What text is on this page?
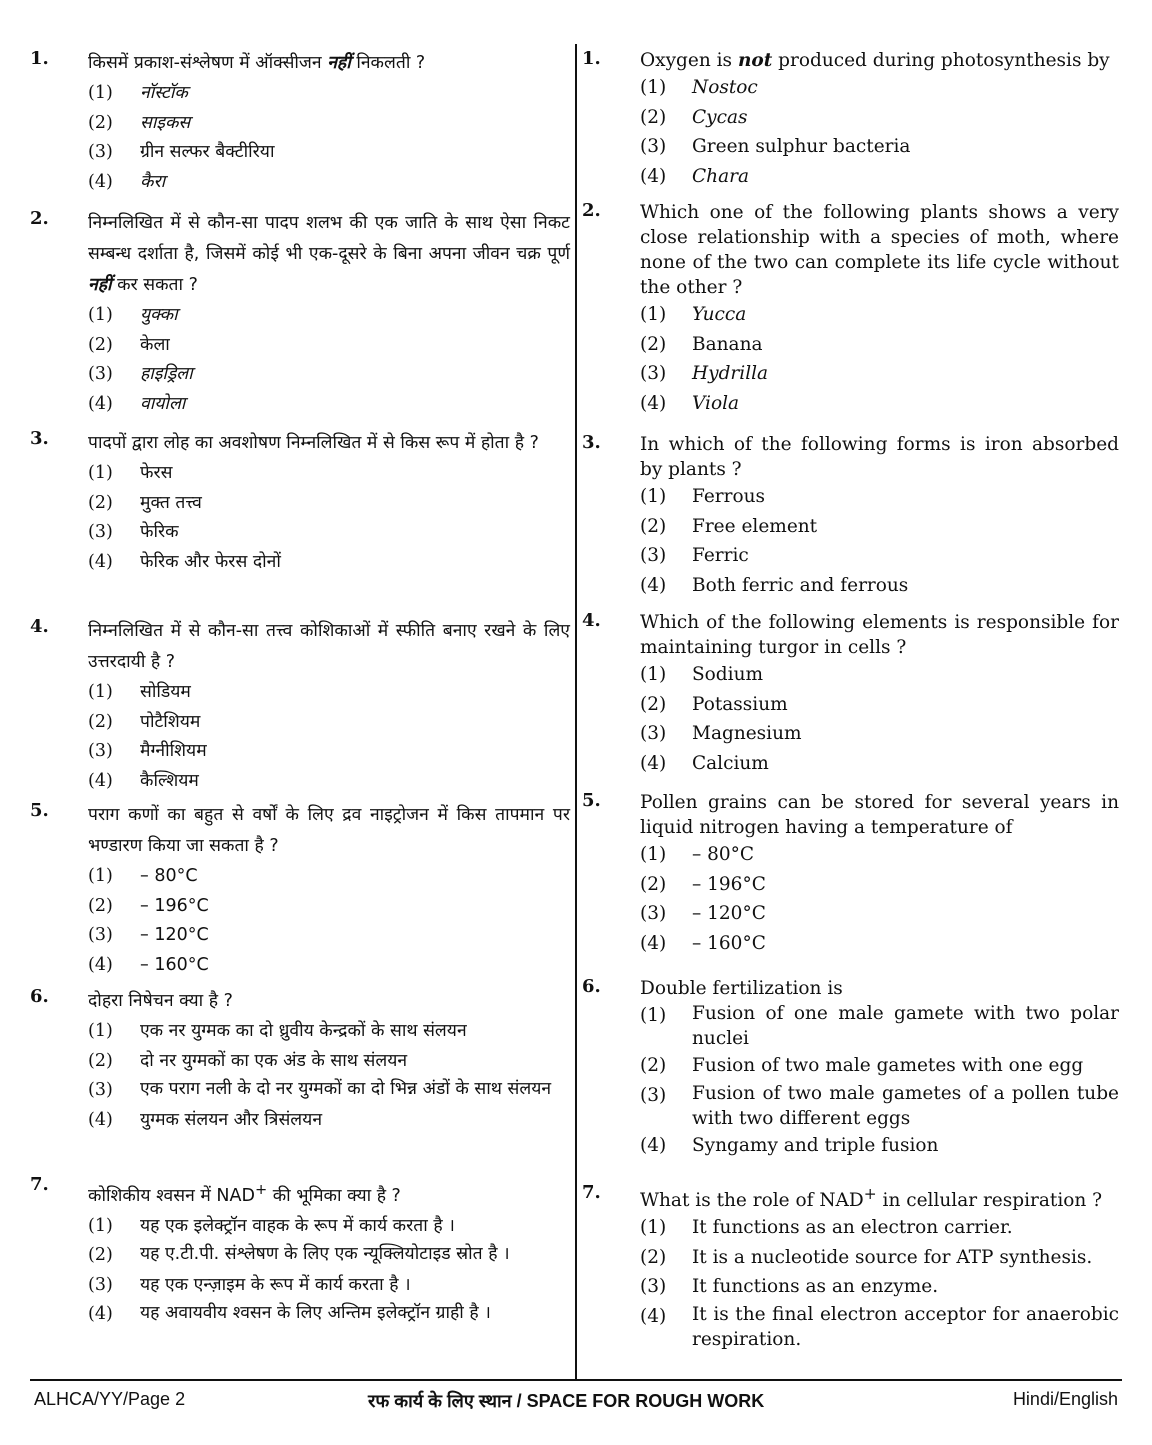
1.	किसमें प्रकाश-संश्लेषण में ऑक्सीजन नहीं निकलती ?
(1)	नॉस्टॉक
(2)	साइकस
(3)	ग्रीन सल्फर बैक्टीरिया
(4)	कैरा
2.	निम्नलिखित में से कौन-सा पादप शलभ की एक जाति के साथ ऐसा निकट सम्बन्ध दर्शाता है, जिसमें कोई भी एक-दूसरे के बिना अपना जीवन चक्र पूर्ण नहीं कर सकता ?
(1)	युक्का
(2)	केला
(3)	हाइड्रिला
(4)	वायोला
3.	पादपों द्वारा लोह का अवशोषण निम्नलिखित में से किस रूप में होता है ?
(1)	फेरस
(2)	मुक्त तत्त्व
(3)	फेरिक
(4)	फेरिक और फेरस दोनों
4.	निम्नलिखित में से कौन-सा तत्त्व कोशिकाओं में स्फीति बनाए रखने के लिए उत्तरदायी है ?
(1)	सोडियम
(2)	पोटैशियम
(3)	मैग्नीशियम
(4)	कैल्शियम
5.	पराग कणों का बहुत से वर्षों के लिए द्रव नाइट्रोजन में किस तापमान पर भण्डारण किया जा सकता है ?
(1)	– 80°C
(2)	– 196°C
(3)	– 120°C
(4)	– 160°C
6.	दोहरा निषेचन क्या है ?
(1)	एक नर युग्मक का दो ध्रुवीय केन्द्रकों के साथ संलयन
(2)	दो नर युग्मकों का एक अंड के साथ संलयन
(3)	एक पराग नली के दो नर युग्मकों का दो भिन्न अंडों के साथ संलयन
(4)	युग्मक संलयन और त्रिसंलयन
7.
कोशिकीय श्वसन में NAD+ की भूमिका क्या है ?
(1)	यह एक इलेक्ट्रॉन वाहक के रूप में कार्य करता है ।
(2)	यह ए.टी.पी. संश्लेषण के लिए एक न्यूक्लियोटाइड स्रोत है ।
(3)	यह एक एन्ज़ाइम के रूप में कार्य करता है ।
(4)	यह अवायवीय श्वसन के लिए अन्तिम इलेक्ट्रॉन ग्राही है ।
1.	Oxygen is not produced during photosynthesis by
(1)	Nostoc
(2)	Cycas
(3)	Green sulphur bacteria
(4)	Chara
2.	Which one of the following plants shows a very close relationship with a species of moth, where none of the two can complete its life cycle without the other ?
(1)	Yucca
(2)	Banana
(3)	Hydrilla
(4)	Viola
3.	In which of the following forms is iron absorbed by plants ?
(1)	Ferrous
(2)	Free element
(3)	Ferric
(4)	Both ferric and ferrous
4.	Which of the following elements is responsible for maintaining turgor in cells ?
(1)	Sodium
(2)	Potassium
(3)	Magnesium
(4)	Calcium
5.	Pollen grains can be stored for several years in liquid nitrogen having a temperature of
(1)	– 80°C
(2)	– 196°C
(3)	– 120°C
(4)	– 160°C
6.	Double fertilization is
(1)	Fusion of one male gamete with two polar nuclei
(2)	Fusion of two male gametes with one egg
(3)	Fusion of two male gametes of a pollen tube with two different eggs
(4)	Syngamy and triple fusion
7.	What is the role of NAD+ in cellular respiration ?
(1)	It functions as an electron carrier.
(2)	It is a nucleotide source for ATP synthesis.
(3)	It functions as an enzyme.
(4)	It is the final electron acceptor for anaerobic respiration.
ALHCA/YY/Page 2	रफ कार्य के लिए स्थान / SPACE FOR ROUGH WORK	Hindi/English
